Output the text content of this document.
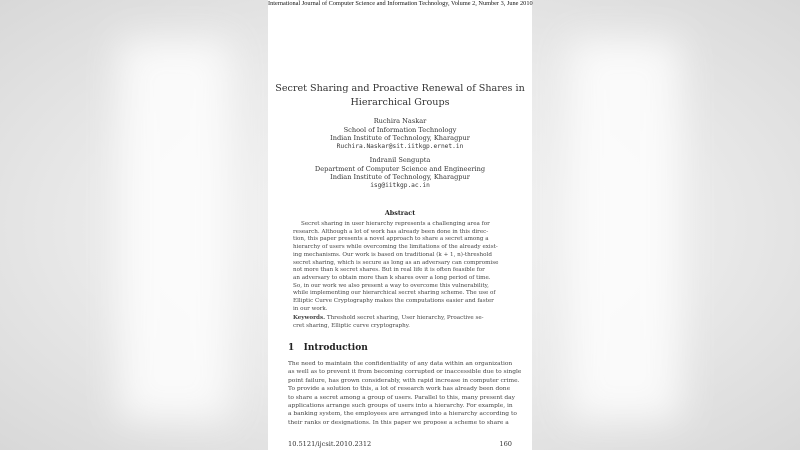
International Journal of Computer Science and Information Technology, Volume 2, Number 3, June 2010
Secret Sharing and Proactive Renewal of Shares in
Hierarchical Groups
Ruchira Naskar
School of Information Technology
Indian Institute of Technology, Kharagpur
Ruchira.Naskar@sit.iitkgp.ernet.in
Indranil Sengupta
Department of Computer Science and Engineering
Indian Institute of Technology, Kharagpur
isg@iitkgp.ac.in
Abstract
Secret sharing in user hierarchy represents a challenging area for
research. Although a lot of work has already been done in this direc-
tion, this paper presents a novel approach to share a secret among a
hierarchy of users while overcoming the limitations of the already exist-
ing mechanisms. Our work is based on traditional (k + 1, n)-threshold
secret sharing, which is secure as long as an adversary can compromise
not more than k secret shares. But in real life it is often feasible for
an adversary to obtain more than k shares over a long period of time.
So, in our work we also present a way to overcome this vulnerability,
while implementing our hierarchical secret sharing scheme. The use of
Elliptic Curve Cryptography makes the computations easier and faster
in our work.
Keywords. Threshold secret sharing, User hierarchy, Proactive se-
cret sharing, Elliptic curve cryptography.
1 Introduction
The need to maintain the confidentiality of any data within an organization
as well as to prevent it from becoming corrupted or inaccessible due to single
point failure, has grown considerably, with rapid increase in computer crime.
To provide a solution to this, a lot of research work has already been done
to share a secret among a group of users. Parallel to this, many present day
applications arrange such groups of users into a hierarchy. For example, in
a banking system, the employees are arranged into a hierarchy according to
their ranks or designations. In this paper we propose a scheme to share a
10.5121/ijcsit.2010.2312	160
